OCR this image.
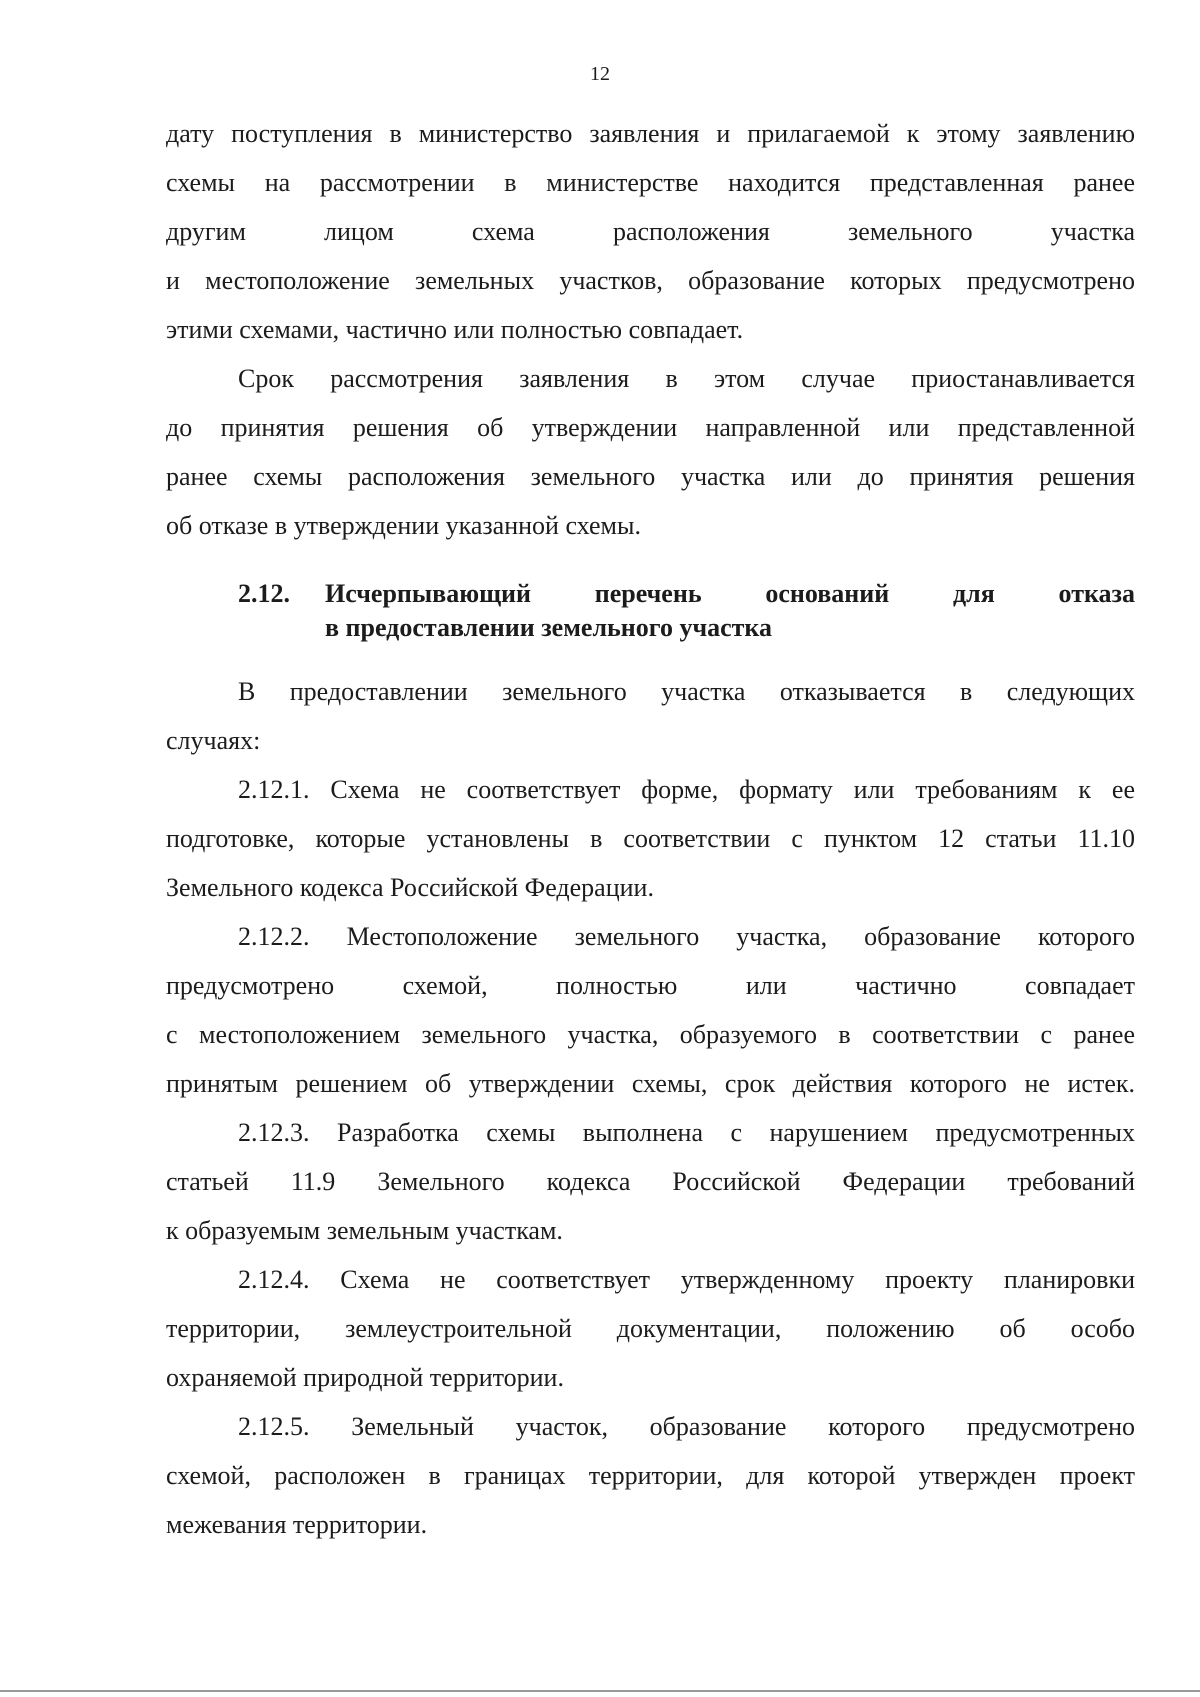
12
дату поступления в министерство заявления и прилагаемой к этому заявлению
схемы на рассмотрении в министерстве находится представленная ранее
другим лицом схема расположения земельного участка
и местоположение земельных участков, образование которых предусмотрено
этими схемами, частично или полностью совпадает.
Срок рассмотрения заявления в этом случае приостанавливается
до принятия решения об утверждении направленной или представленной
ранее схемы расположения земельного участка или до принятия решения
об отказе в утверждении указанной схемы.
2.12. Исчерпывающий перечень оснований для отказа
в предоставлении земельного участка
В предоставлении земельного участка отказывается в следующих
случаях:
2.12.1. Схема не соответствует форме, формату или требованиям к ее
подготовке, которые установлены в соответствии с пунктом 12 статьи 11.10
Земельного кодекса Российской Федерации.
2.12.2. Местоположение земельного участка, образование которого
предусмотрено схемой, полностью или частично совпадает
с местоположением земельного участка, образуемого в соответствии с ранее
принятым решением об утверждении схемы, срок действия которого не истек.
2.12.3. Разработка схемы выполнена с нарушением предусмотренных
статьей 11.9 Земельного кодекса Российской Федерации требований
к образуемым земельным участкам.
2.12.4. Схема не соответствует утвержденному проекту планировки
территории, землеустроительной документации, положению об особо
охраняемой природной территории.
2.12.5. Земельный участок, образование которого предусмотрено
схемой, расположен в границах территории, для которой утвержден проект
межевания территории.
